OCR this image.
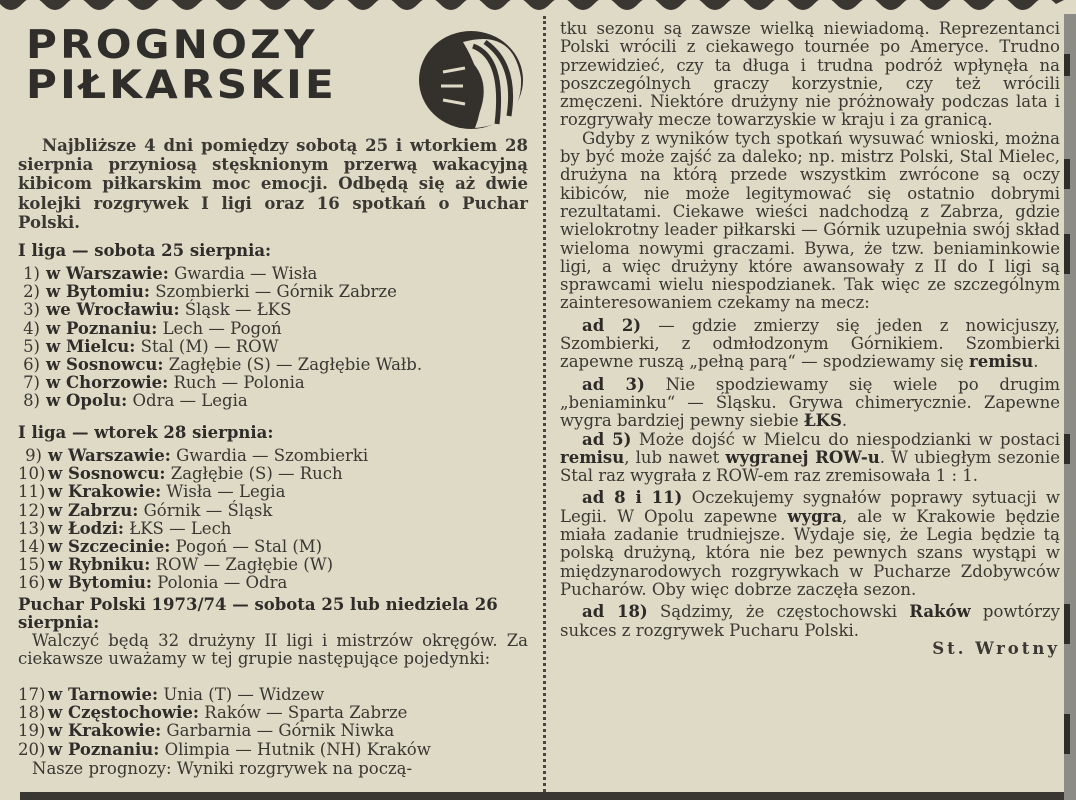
PROGNOZY
PIŁKARSKIE
Najbliższe 4 dni pomiędzy sobotą 25 i wtorkiem 28 sierpnia przyniosą stęsknionym przerwą wakacyjną kibicom piłkarskim moc emocji. Odbędą się aż dwie kolejki rozgrywek I ligi oraz 16 spotkań o Puchar Polski.
I liga — sobota 25 sierpnia:
1) w Warszawie: Gwardia — Wisła
2) w Bytomiu: Szombierki — Górnik Zabrze
3) we Wrocławiu: Śląsk — ŁKS
4) w Poznaniu: Lech — Pogoń
5) w Mielcu: Stal (M) — ROW
6) w Sosnowcu: Zagłębie (S) — Zagłębie Wałb.
7) w Chorzowie: Ruch — Polonia
8) w Opolu: Odra — Legia
I liga — wtorek 28 sierpnia:
9) w Warszawie: Gwardia — Szombierki
10) w Sosnowcu: Zagłębie (S) — Ruch
11) w Krakowie: Wisła — Legia
12) w Zabrzu: Górnik — Śląsk
13) w Łodzi: ŁKS — Lech
14) w Szczecinie: Pogoń — Stal (M)
15) w Rybniku: ROW — Zagłębie (W)
16) w Bytomiu: Polonia — Odra
Puchar Polski 1973/74 — sobota 25 lub niedziela 26 sierpnia:
Walczyć będą 32 drużyny II ligi i mistrzów okręgów. Za ciekawsze uważamy w tej grupie następujące pojedynki:
17) w Tarnowie: Unia (T) — Widzew
18) w Częstochowie: Raków — Sparta Zabrze
19) w Krakowie: Garbarnia — Górnik Niwka
20) w Poznaniu: Olimpia — Hutnik (NH) Kraków
Nasze prognozy: Wyniki rozgrywek na począ-

tku sezonu są zawsze wielką niewiadomą. Reprezentanci Polski wrócili z ciekawego tournée po Ameryce. Trudno przewidzieć, czy ta długa i trudna podróż wpłynęła na poszczególnych graczy korzystnie, czy też wrócili zmęczeni. Niektóre drużyny nie próżnowały podczas lata i rozgrywały mecze towarzyskie w kraju i za granicą.

Gdyby z wyników tych spotkań wysuwać wnioski, można by być może zajść za daleko; np. mistrz Polski, Stal Mielec, drużyna na którą przede wszystkim zwrócone są oczy kibiców, nie może legitymować się ostatnio dobrymi rezultatami. Ciekawe wieści nadchodzą z Zabrza, gdzie wielokrotny leader piłkarski — Górnik uzupełnia swój skład wieloma nowymi graczami. Bywa, że tzw. beniaminkowie ligi, a więc drużyny które awansowały z II do I ligi są sprawcami wielu niespodzianek. Tak więc ze szczególnym zainteresowaniem czekamy na mecz:

ad 2) — gdzie zmierzy się jeden z nowicjuszy, Szombierki, z odmłodzonym Górnikiem. Szombierki zapewne ruszą „pełną parą“ — spodziewamy się remisu.

ad 3) Nie spodziewamy się wiele po drugim „beniaminku“ — Śląsku. Grywa chimerycznie. Zapewne wygra bardziej pewny siebie ŁKS.

ad 5) Może dojść w Mielcu do niespodzianki w postaci remisu, lub nawet wygranej ROW-u. W ubiegłym sezonie Stal raz wygrała z ROW-em raz zremisowała 1 : 1.

ad 8 i 11) Oczekujemy sygnałów poprawy sytuacji w Legii. W Opolu zapewne wygra, ale w Krakowie będzie miała zadanie trudniejsze. Wydaje się, że Legia będzie tą polską drużyną, która nie bez pewnych szans wystąpi w międzynarodowych rozgrywkach w Pucharze Zdobywców Pucharów. Oby więc dobrze zaczęła sezon.

ad 18) Sądzimy, że częstochowski Raków powtórzy sukces z rozgrywek Pucharu Polski.

St. Wrotny
